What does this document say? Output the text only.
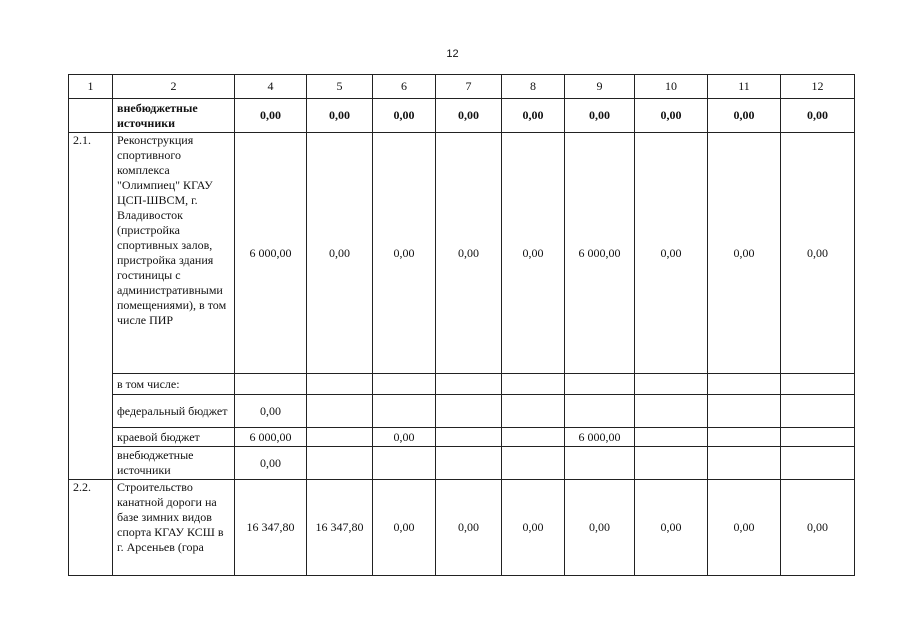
12
1	2	4	5	6	7	8	9	10	11	12
	внебюджетные источники	0,00	0,00	0,00	0,00	0,00	0,00	0,00	0,00	0,00
2.1.	Реконструкция спортивного комплекса "Олимпиец" КГАУ ЦСП-ШВСМ, г. Владивосток (пристройка спортивных залов, пристройка здания гостиницы с административными помещениями), в том числе ПИР	6 000,00	0,00	0,00	0,00	0,00	6 000,00	0,00	0,00	0,00
	в том числе:									
	федеральный бюджет	0,00								
	краевой бюджет	6 000,00		0,00			6 000,00			
	внебюджетные источники	0,00								
2.2.	Строительство канатной дороги на базе зимних видов спорта КГАУ КСШ в г. Арсеньев (гора	16 347,80	16 347,80	0,00	0,00	0,00	0,00	0,00	0,00	0,00
